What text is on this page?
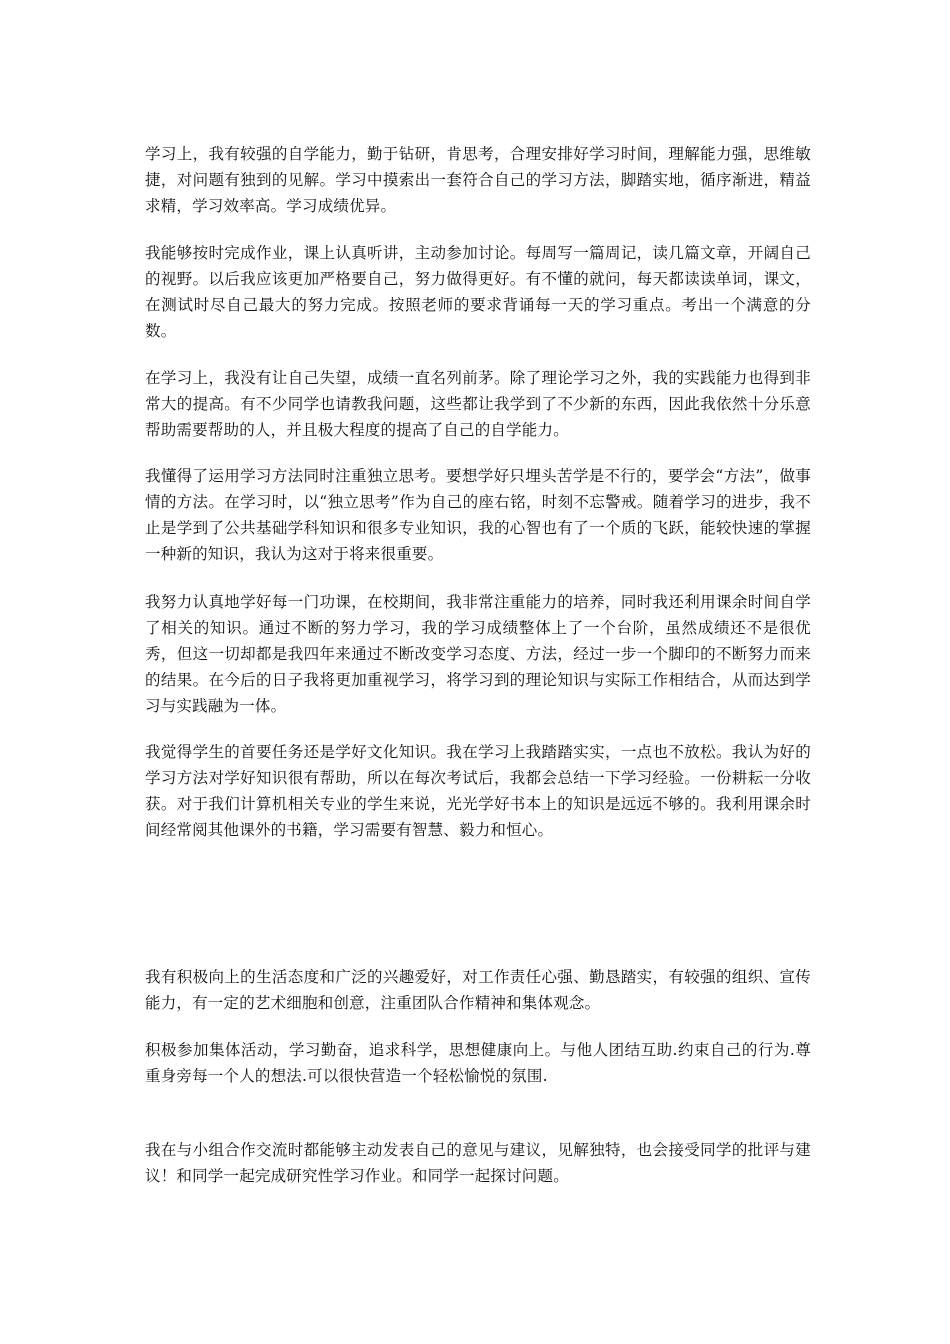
学习上，我有较强的自学能力，勤于钻研，肯思考，合理安排好学习时间，理解能力强，思维敏捷，对问题有独到的见解。学习中摸索出一套符合自己的学习方法，脚踏实地，循序渐进，精益求精，学习效率高。学习成绩优异。

我能够按时完成作业，课上认真听讲，主动参加讨论。每周写一篇周记，读几篇文章，开阔自己的视野。以后我应该更加严格要自己，努力做得更好。有不懂的就问，每天都读读单词，课文，在测试时尽自己最大的努力完成。按照老师的要求背诵每一天的学习重点。考出一个满意的分数。

在学习上，我没有让自己失望，成绩一直名列前茅。除了理论学习之外，我的实践能力也得到非常大的提高。有不少同学也请教我问题，这些都让我学到了不少新的东西，因此我依然十分乐意帮助需要帮助的人，并且极大程度的提高了自己的自学能力。

我懂得了运用学习方法同时注重独立思考。要想学好只埋头苦学是不行的，要学会“方法”，做事情的方法。在学习时，以“独立思考”作为自己的座右铭，时刻不忘警戒。随着学习的进步，我不止是学到了公共基础学科知识和很多专业知识，我的心智也有了一个质的飞跃，能较快速的掌握一种新的知识，我认为这对于将来很重要。

我努力认真地学好每一门功课，在校期间，我非常注重能力的培养，同时我还利用课余时间自学了相关的知识。通过不断的努力学习，我的学习成绩整体上了一个台阶，虽然成绩还不是很优秀，但这一切却都是我四年来通过不断改变学习态度、方法，经过一步一个脚印的不断努力而来的结果。在今后的日子我将更加重视学习，将学习到的理论知识与实际工作相结合，从而达到学习与实践融为一体。

我觉得学生的首要任务还是学好文化知识。我在学习上我踏踏实实，一点也不放松。我认为好的学习方法对学好知识很有帮助，所以在每次考试后，我都会总结一下学习经验。一份耕耘一分收获。对于我们计算机相关专业的学生来说，光光学好书本上的知识是远远不够的。我利用课余时间经常阅其他课外的书籍，学习需要有智慧、毅力和恒心。

我有积极向上的生活态度和广泛的兴趣爱好，对工作责任心强、勤恳踏实，有较强的组织、宣传能力，有一定的艺术细胞和创意，注重团队合作精神和集体观念。

积极参加集体活动，学习勤奋，追求科学，思想健康向上。与他人团结互助.约束自己的行为.尊重身旁每一个人的想法.可以很快营造一个轻松愉悦的氛围.

我在与小组合作交流时都能够主动发表自己的意见与建议，见解独特，也会接受同学的批评与建议！和同学一起完成研究性学习作业。和同学一起探讨问题。
